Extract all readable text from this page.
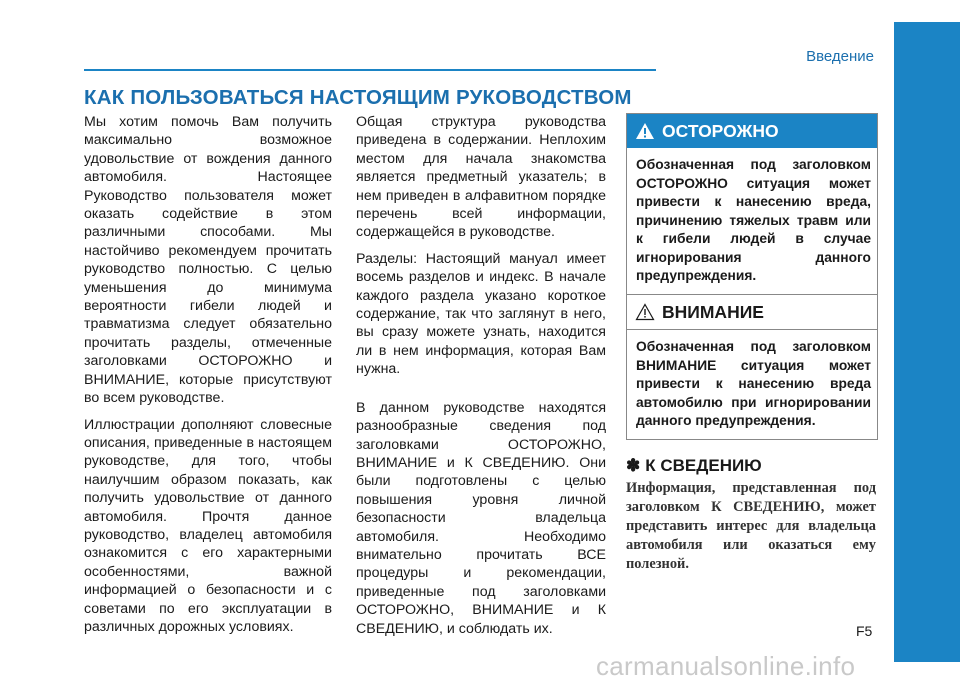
Введение
КАК ПОЛЬЗОВАТЬСЯ НАСТОЯЩИМ РУКОВОДСТВОМ

Мы хотим помочь Вам получить максимально возможное удовольствие от вождения данного автомобиля. Настоящее Руководство пользователя может оказать содействие в этом различными способами. Мы настойчиво рекомендуем прочитать руководство полностью. С целью уменьшения до минимума вероятности гибели людей и травматизма следует обязательно прочитать разделы, отмеченные заголовками ОСТОРОЖНО и ВНИМАНИЕ, которые присутствуют во всем руководстве.

Иллюстрации дополняют словесные описания, приведенные в настоящем руководстве, для того, чтобы наилучшим образом показать, как получить удовольствие от данного автомобиля. Прочтя данное руководство, владелец автомобиля ознакомится с его характерными особенностями, важной информацией о безопасности и с советами по его эксплуатации в различных дорожных условиях.

Общая структура руководства приведена в содержании. Неплохим местом для начала знакомства является предметный указатель; в нем приведен в алфавитном порядке перечень всей информации, содержащейся в руководстве.

Разделы: Настоящий мануал имеет восемь разделов и индекс. В начале каждого раздела указано короткое содержание, так что заглянут в него, вы сразу можете узнать, находится ли в нем информация, которая Вам нужна.

В данном руководстве находятся разнообразные сведения под заголовками ОСТОРОЖНО, ВНИМАНИЕ и К СВЕДЕНИЮ. Они были подготовлены с целью повышения уровня личной безопасности владельца автомобиля. Необходимо внимательно прочитать ВСЕ процедуры и рекомендации, приведенные под заголовками ОСТОРОЖНО, ВНИМАНИЕ и К СВЕДЕНИЮ, и соблюдать их.

ОСТОРОЖНО
Обозначенная под заголовком ОСТОРОЖНО ситуация может привести к нанесению вреда, причинению тяжелых травм или к гибели людей в случае игнорирования данного предупреждения.
ВНИМАНИЕ
Обозначенная под заголовком ВНИМАНИЕ ситуация может привести к нанесению вреда автомобилю при игнорировании данного предупреждения.
✽ К СВЕДЕНИЮ
Информация, представленная под заголовком К СВЕДЕНИЮ, может представить интерес для владельца автомобиля или оказаться ему полезной.
F5
carmanualsonline.info
